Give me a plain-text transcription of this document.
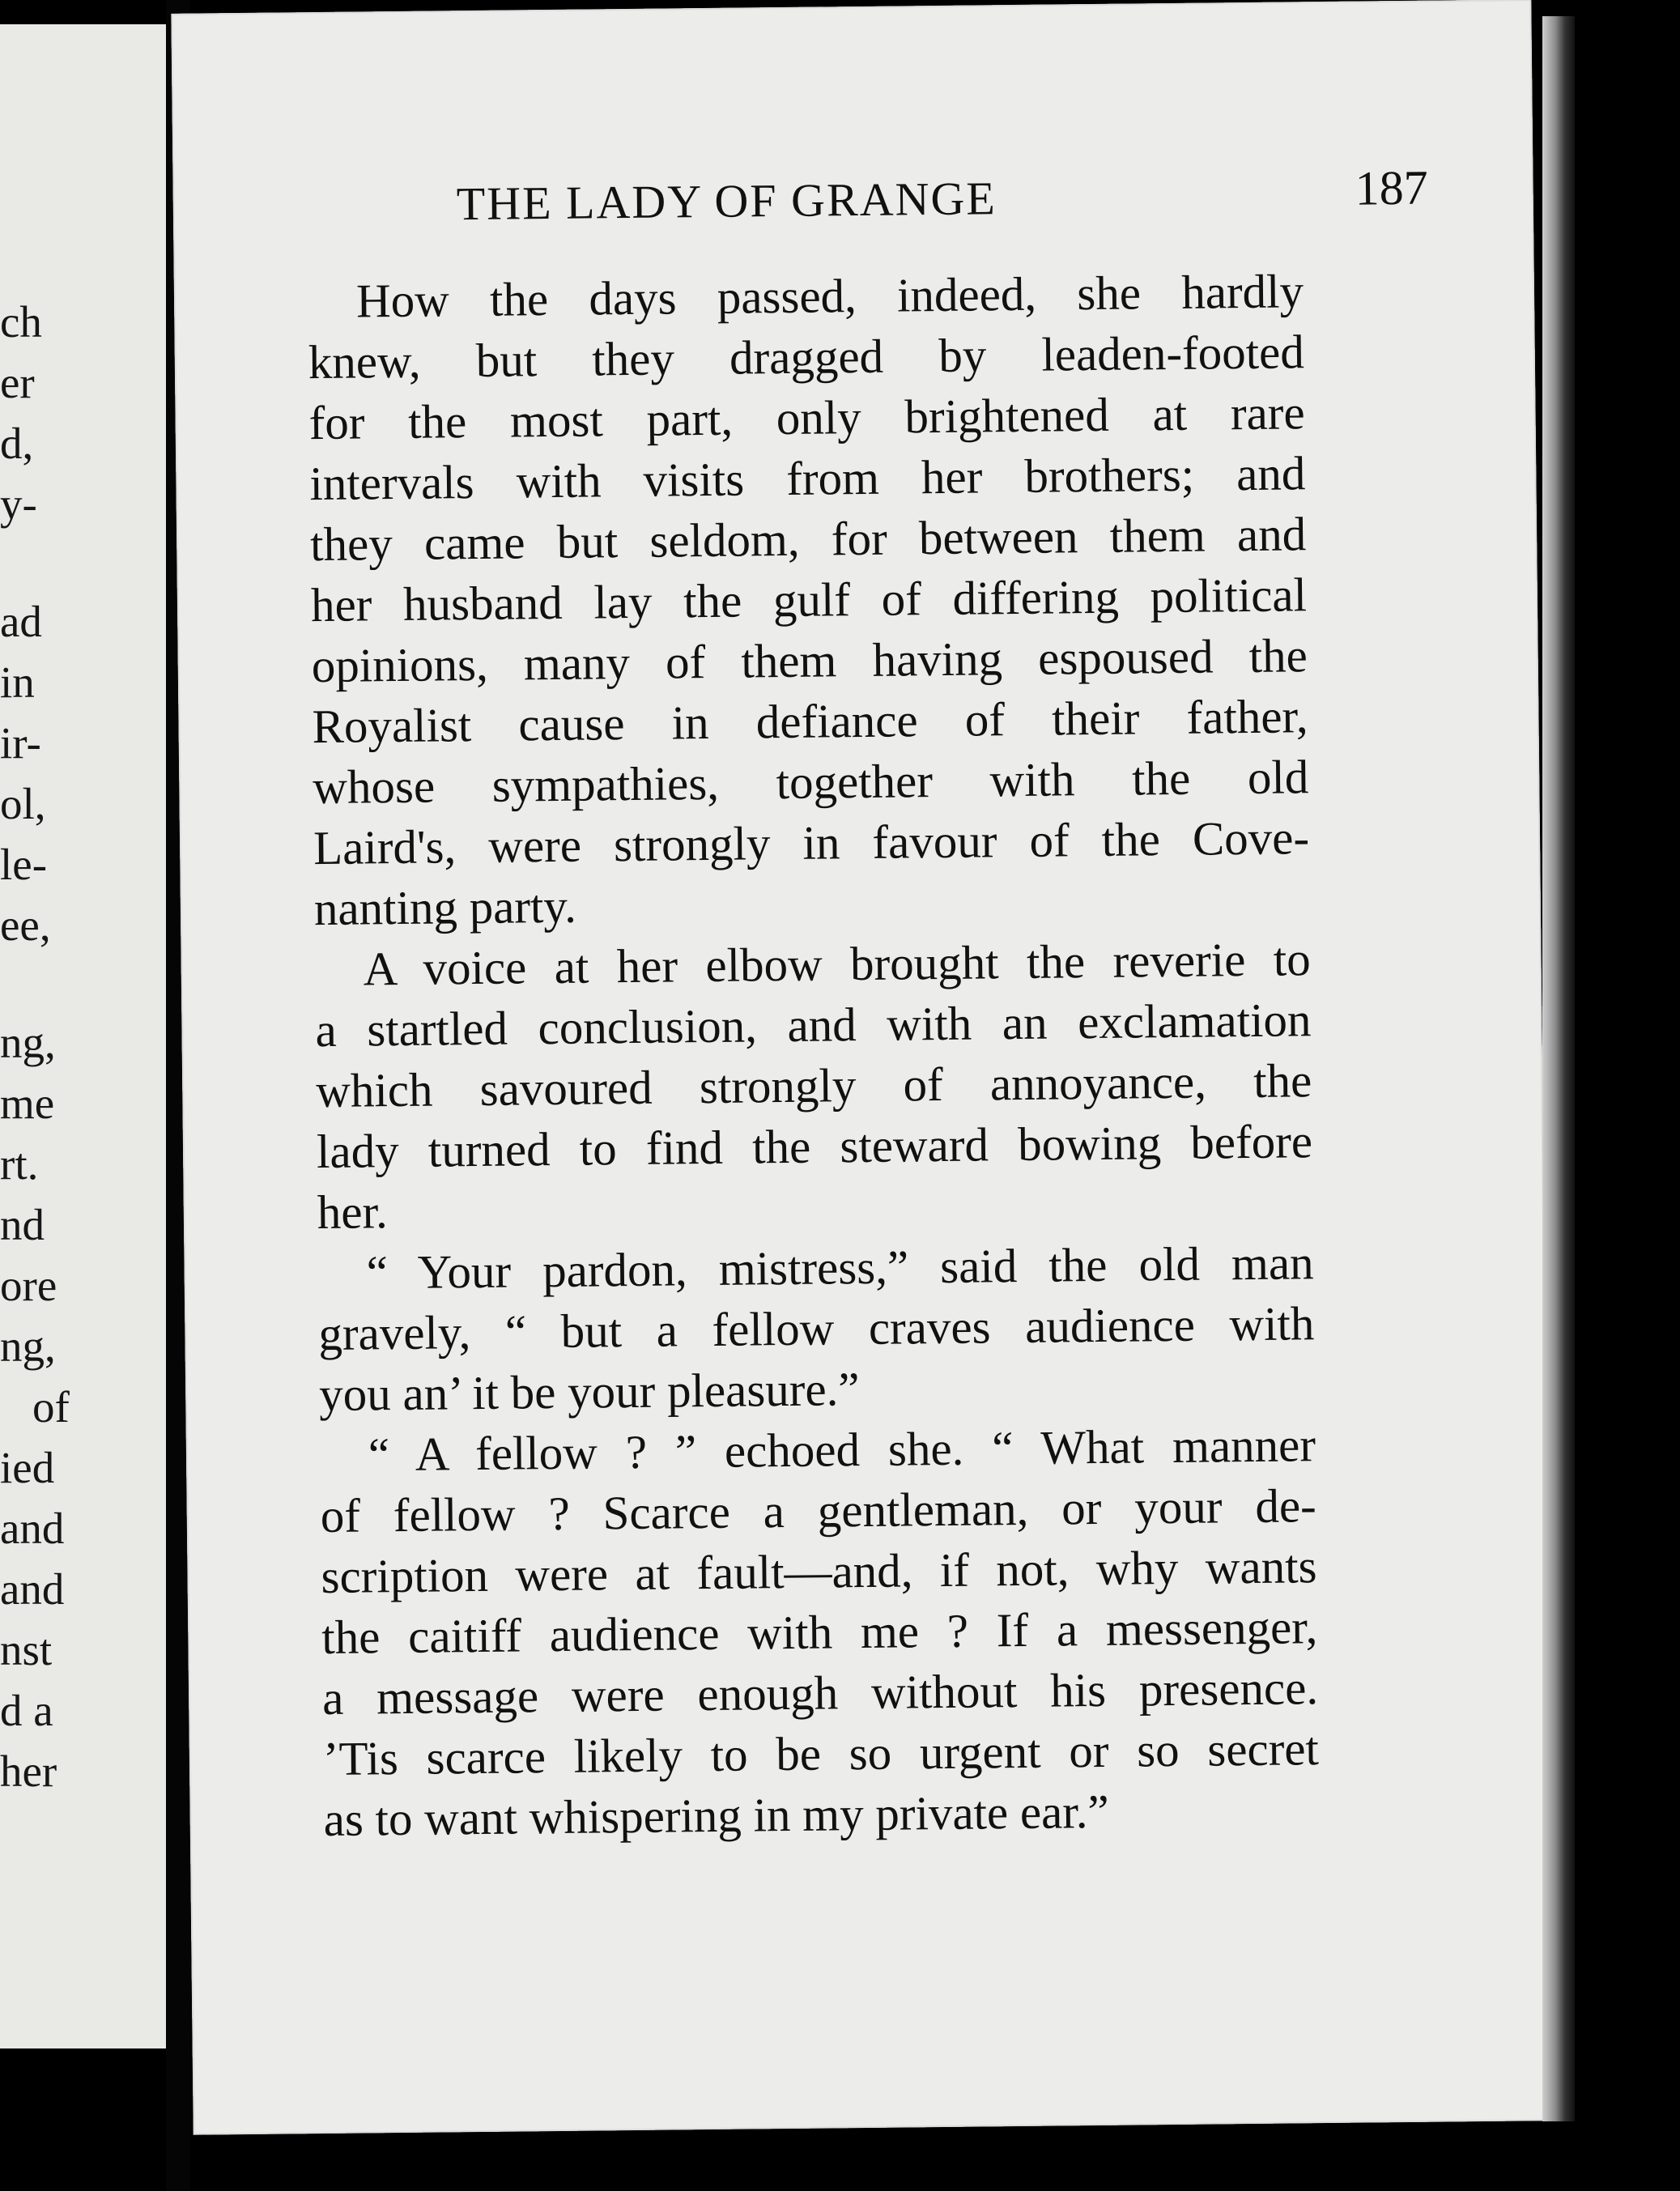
ch
er
d,
y-
ad
in
ir-
ol,
le-
ee,
ng,
me
rt.
nd
ore
ng,
of
ied
and
and
nst
d a
her
THE LADY OF GRANGE	187
How the days passed, indeed, she hardly
knew, but they dragged by leaden-footed
for the most part, only brightened at rare
intervals with visits from her brothers; and
they came but seldom, for between them and
her husband lay the gulf of differing political
opinions, many of them having espoused the
Royalist cause in defiance of their father,
whose sympathies, together with the old
Laird's, were strongly in favour of the Cove-
nanting party.
A voice at her elbow brought the reverie to
a startled conclusion, and with an exclamation
which savoured strongly of annoyance, the
lady turned to find the steward bowing before
her.
“ Your pardon, mistress,” said the old man
gravely, “ but a fellow craves audience with
you an’ it be your pleasure.”
“ A fellow ? ” echoed she. “ What manner
of fellow ? Scarce a gentleman, or your de-
scription were at fault—and, if not, why wants
the caitiff audience with me ? If a messenger,
a message were enough without his presence.
’Tis scarce likely to be so urgent or so secret
as to want whispering in my private ear.”
